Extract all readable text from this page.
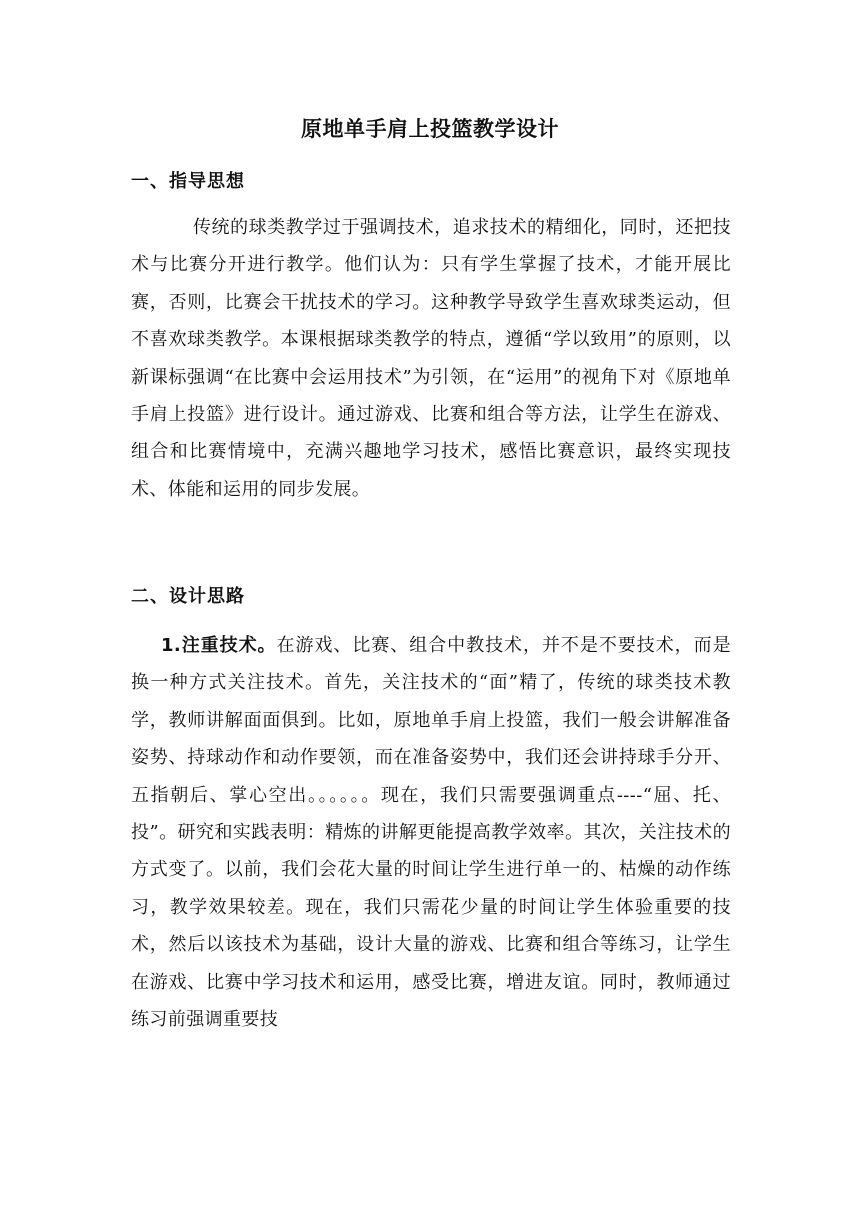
原地单手肩上投篮教学设计
一、指导思想
传统的球类教学过于强调技术，追求技术的精细化，同时，还把技术与比赛分开进行教学。他们认为：只有学生掌握了技术，才能开展比赛，否则，比赛会干扰技术的学习。这种教学导致学生喜欢球类运动，但不喜欢球类教学。本课根据球类教学的特点，遵循“学以致用”的原则，以新课标强调“在比赛中会运用技术”为引领，在“运用”的视角下对《原地单手肩上投篮》进行设计。通过游戏、比赛和组合等方法，让学生在游戏、组合和比赛情境中，充满兴趣地学习技术，感悟比赛意识，最终实现技术、体能和运用的同步发展。
二、设计思路
1.注重技术。在游戏、比赛、组合中教技术，并不是不要技术，而是换一种方式关注技术。首先，关注技术的“面”精了，传统的球类技术教学，教师讲解面面俱到。比如，原地单手肩上投篮，我们一般会讲解准备姿势、持球动作和动作要领，而在准备姿势中，我们还会讲持球手分开、五指朝后、掌心空出。。。。。。现在，我们只需要强调重点----“屈、托、投”。研究和实践表明：精炼的讲解更能提高教学效率。其次，关注技术的方式变了。以前，我们会花大量的时间让学生进行单一的、枯燥的动作练习，教学效果较差。现在，我们只需花少量的时间让学生体验重要的技术，然后以该技术为基础，设计大量的游戏、比赛和组合等练习，让学生在游戏、比赛中学习技术和运用，感受比赛，增进友谊。同时，教师通过练习前强调重要技
